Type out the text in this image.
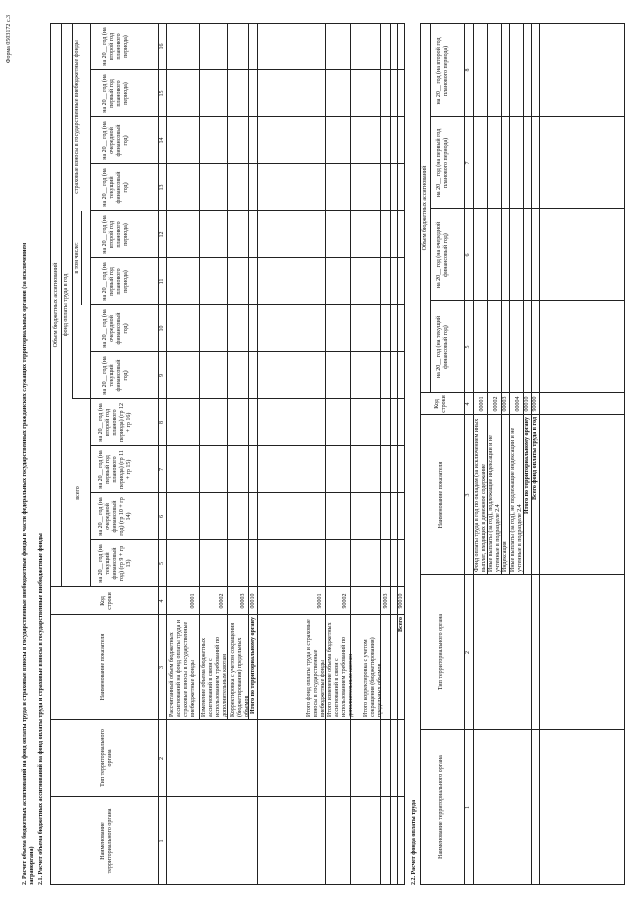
Форма 0503172 с.3
2. Расчет объема бюджетных ассигнований на фонд оплаты труда и страховые взносы в государственные внебюджетные фонды в части федеральных государственных гражданских служащих территориальных органов (за исключением заграноргана) 2.1. Расчет объема бюджетных ассигнований на фонд оплаты труда и страховые взносы в государственные внебюджетные фонды	Наименование территориального органа
Тип территориального органа
Наименование показателя
Код строки
Объем бюджетных ассигнований
всего
фонд оплаты труда в год
в том числе:
страховые взносы в государственные внебюджетные фонды
на 20__ год (на текущий финансовый год) (гр 9 + гр 13)
на 20__ год (на очередной финансовый год) (гр 10 + гр 14)
на 20__ год (на первый год планового периода) (гр 11 + гр 15)
на 20__ год (на второй год планового периода) (гр 12 + гр 16)
на 20__ год (на текущий финансовый год)
на 20__ год (на очередной финансовый год)
на 20__ год (на первый год планового периода)
на 20__ год (на второй год планового периода)
на 20__ год (на текущий финансовый год)
на 20__ год (на очередной финансовый год)
на 20__ год (на первый год планового периода)
на 20__ год (на второй год планового периода)
1
2
3
4
5
6
7
8
9
10
11
12
13
14
15
16
Рассчитанный объем бюджетных ассигнований на фонд оплаты труда и страховые взносы в государственные внебюджетные фонды
00001
Изменение объема бюджетных ассигнований в связи с использованием требований по дополнительным квотам
00002
Корректировка с учетом сокращения (бюджетирования) предельных объемов
00003
Итого по территориальному органу
00010
Итого фонд оплаты труда и страховые взносы в государственные внебюджетные фонды
90001
Итого изменение объема бюджетных ассигнований в связи с использованием требований по дополнительным квотам
90002
Итого корректировка с учетом сокращения (бюджетирования) предельных объемов
90003
Всего
90010
2.2. Расчет фонда оплаты труда	Наименование территориального органа
Тип территориального органа
Наименование показателя
Код строки
Объем бюджетных ассигнований
на 20__ год (на текущий финансовый год)
на 20__ год (на очередной финансовый год)
на 20__ год (на первый год планового периода)
на 20__ год (на второй год планового периода)
1
2
3
4
5
6
7
8
Фонд оплаты труда в год по окладам (за исключением иных выплат, входящих в денежное содержание
00001
Иные выплаты (за год), подлежащие индексации и не учтенные в подразделе 2.4
00002
Индексация
00003
Иные выплаты (за год), не подлежащие индексации и не учтенные в подразделе 2.4
00004
Итого по территориальному органу
00010
Всего фонд оплаты труда в год
90000
